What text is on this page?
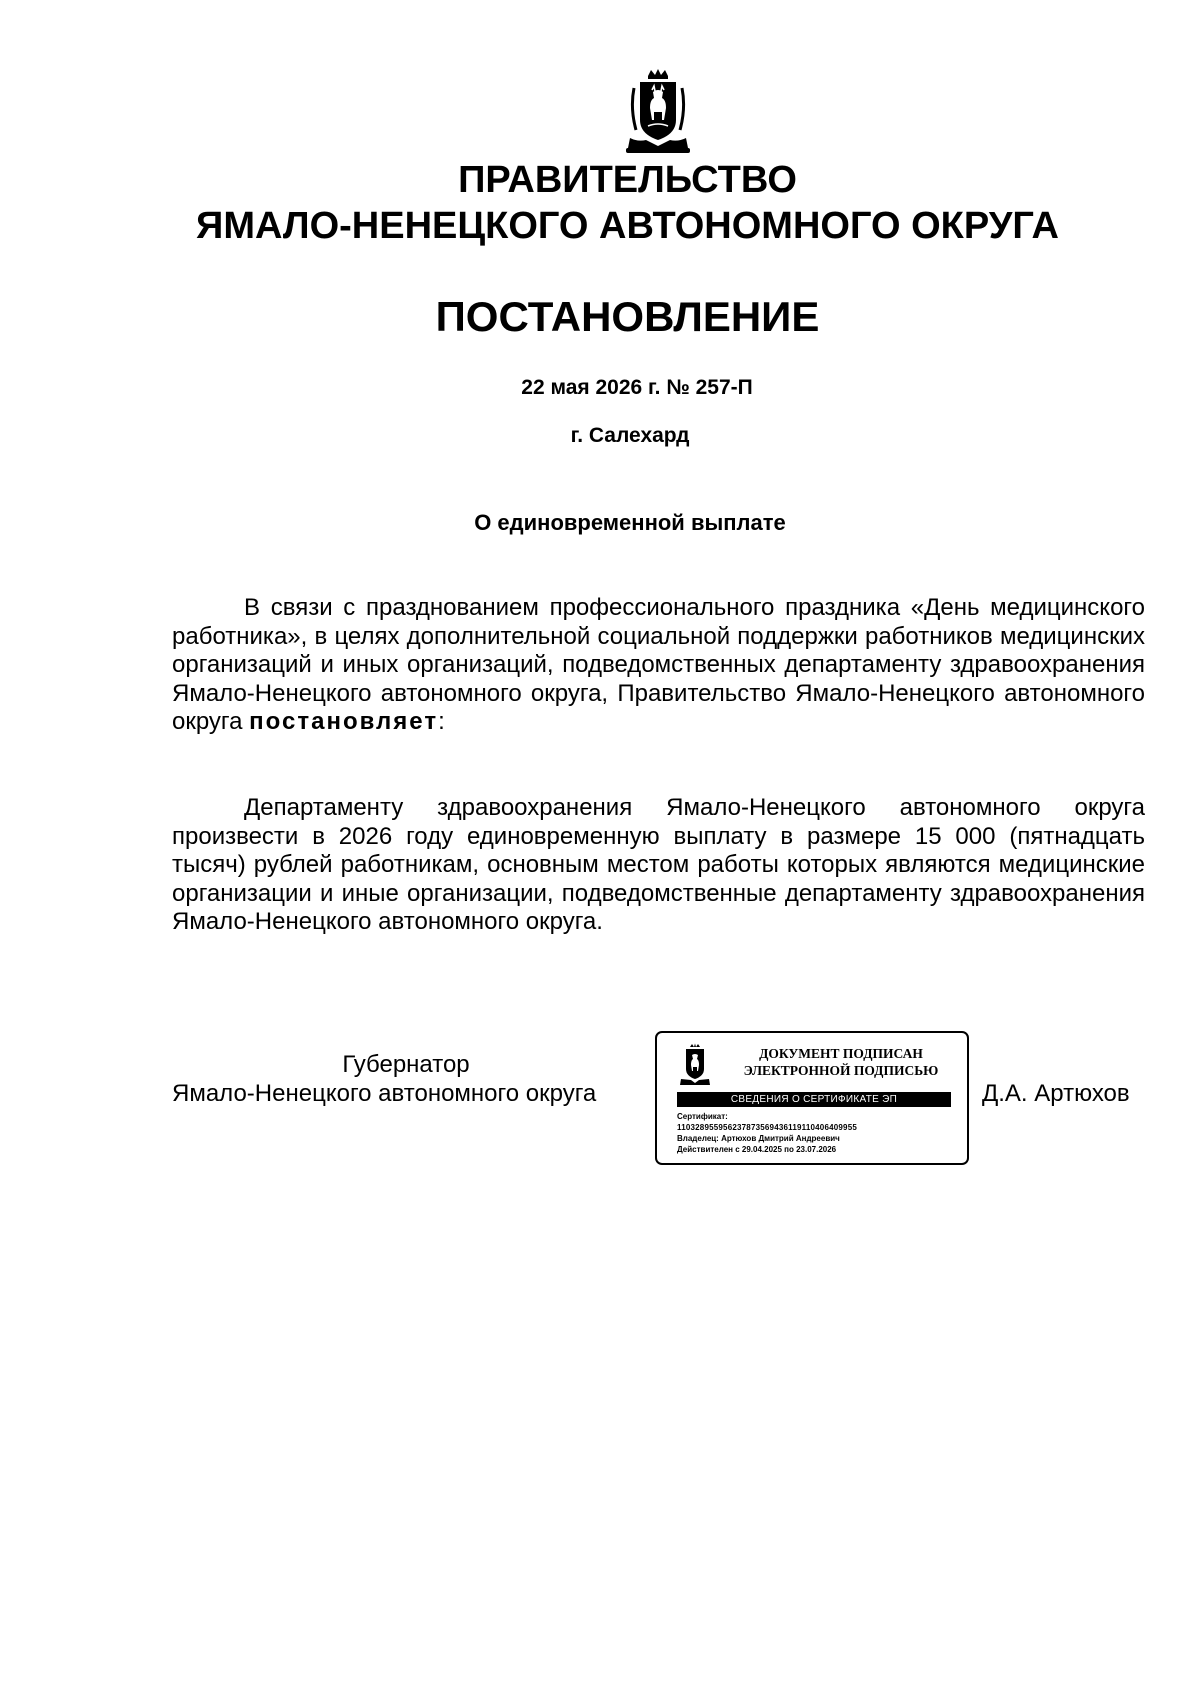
ПРАВИТЕЛЬСТВО
ЯМАЛО-НЕНЕЦКОГО АВТОНОМНОГО ОКРУГА
ПОСТАНОВЛЕНИЕ
22 мая 2026 г. № 257-П
г. Салехард
О единовременной выплате

В связи с празднованием профессионального праздника «День медицинского работника», в целях дополнительной социальной поддержки работников медицинских организаций и иных организаций, подведомственных департаменту здравоохранения Ямало-Ненецкого автономного округа, Правительство Ямало-Ненецкого автономного округа постановляет:

Департаменту здравоохранения Ямало-Ненецкого автономного округа произвести в 2026 году единовременную выплату в размере 15 000 (пятнадцать тысяч) рублей работникам, основным местом работы которых являются медицинские организации и иные организации, подведомственные департаменту здравоохранения Ямало-Ненецкого автономного округа.

Губернатор
Ямало-Ненецкого автономного округа
ДОКУМЕНТ ПОДПИСАН
ЭЛЕКТРОННОЙ ПОДПИСЬЮ
СВЕДЕНИЯ О СЕРТИФИКАТЕ ЭП
Сертификат:
110328955956237873569436119110406409955
Владелец: Артюхов Дмитрий Андреевич
Действителен с 29.04.2025 по 23.07.2026
Д.А. Артюхов
